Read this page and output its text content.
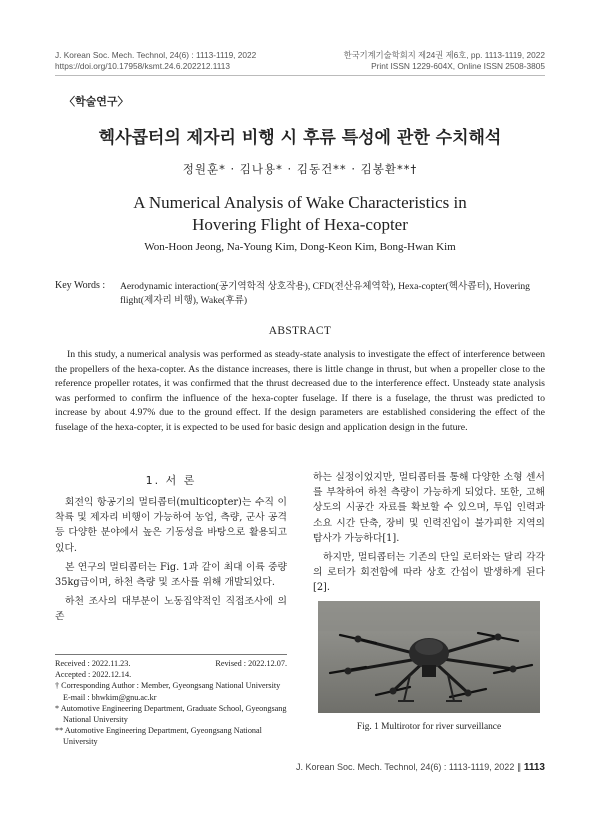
J. Korean Soc. Mech. Technol, 24(6) : 1113-1119, 2022
https://doi.org/10.17958/ksmt.24.6.202212.1113
한국기계기술학회지 제24권 제6호, pp. 1113-1119, 2022
Print ISSN 1229-604X, Online ISSN 2508-3805
〈학술연구〉
헥사콥터의 제자리 비행 시 후류 특성에 관한 수치해석
정원훈* · 김나용* · 김동건** · 김봉환**†
A Numerical Analysis of Wake Characteristics in
Hovering Flight of Hexa-copter
Won-Hoon Jeong, Na-Young Kim, Dong-Keon Kim, Bong-Hwan Kim
Key Words : Aerodynamic interaction(공기역학적 상호작용), CFD(전산유체역학), Hexa-copter(헥사콥터), Hovering flight(제자리 비행), Wake(후류)
ABSTRACT
In this study, a numerical analysis was performed as steady-state analysis to investigate the effect of interference between the propellers of the hexa-copter. As the distance increases, there is little change in thrust, but when a propeller close to the reference propeller rotates, it was confirmed that the thrust decreased due to the interference effect. Unsteady state analysis was performed to confirm the influence of the hexa-copter fuselage. If there is a fuselage, the thrust was predicted to increase by about 4.97% due to the ground effect. If the design parameters are established considering the effect of the fuselage of the hexa-copter, it is expected to be used for basic design and application design in the future.
1. 서 론

회전익 항공기의 멀티콥터(multicopter)는 수직 이착륙 및 제자리 비행이 가능하여 농업, 측량, 군사 공격 등 다양한 분야에서 높은 기동성을 바탕으로 활용되고 있다.

본 연구의 멀티콥터는 Fig. 1과 같이 최대 이륙 중량 35kg급이며, 하천 측량 및 조사를 위해 개발되었다.

하천 조사의 대부분이 노동집약적인 직접조사에 의존

Received : 2022.11.23.	Revised : 2022.12.07.
Accepted : 2022.12.14.
† Corresponding Author : Member, Gyeongsang National University
E-mail : bhwkim@gnu.ac.kr
* Automotive Engineering Department, Graduate School, Gyeongsang National University
** Automotive Engineering Department, Gyeongsang National University

하는 실정이었지만, 멀티콥터를 통해 다양한 소형 센서를 부착하여 하천 측량이 가능하게 되었다. 또한, 고해상도의 시공간 자료를 확보할 수 있으며, 투입 인력과 소요 시간 단축, 장비 및 인력진입이 불가피한 지역의 탐사가 가능하다[1].

하지만, 멀티콥터는 기존의 단일 로터와는 달리 각각의 로터가 회전함에 따라 상호 간섭이 발생하게 된다[2].

Fig. 1 Multirotor for river surveillance
J. Korean Soc. Mech. Technol, 24(6) : 1113-1119, 2022 ∥ 1113
